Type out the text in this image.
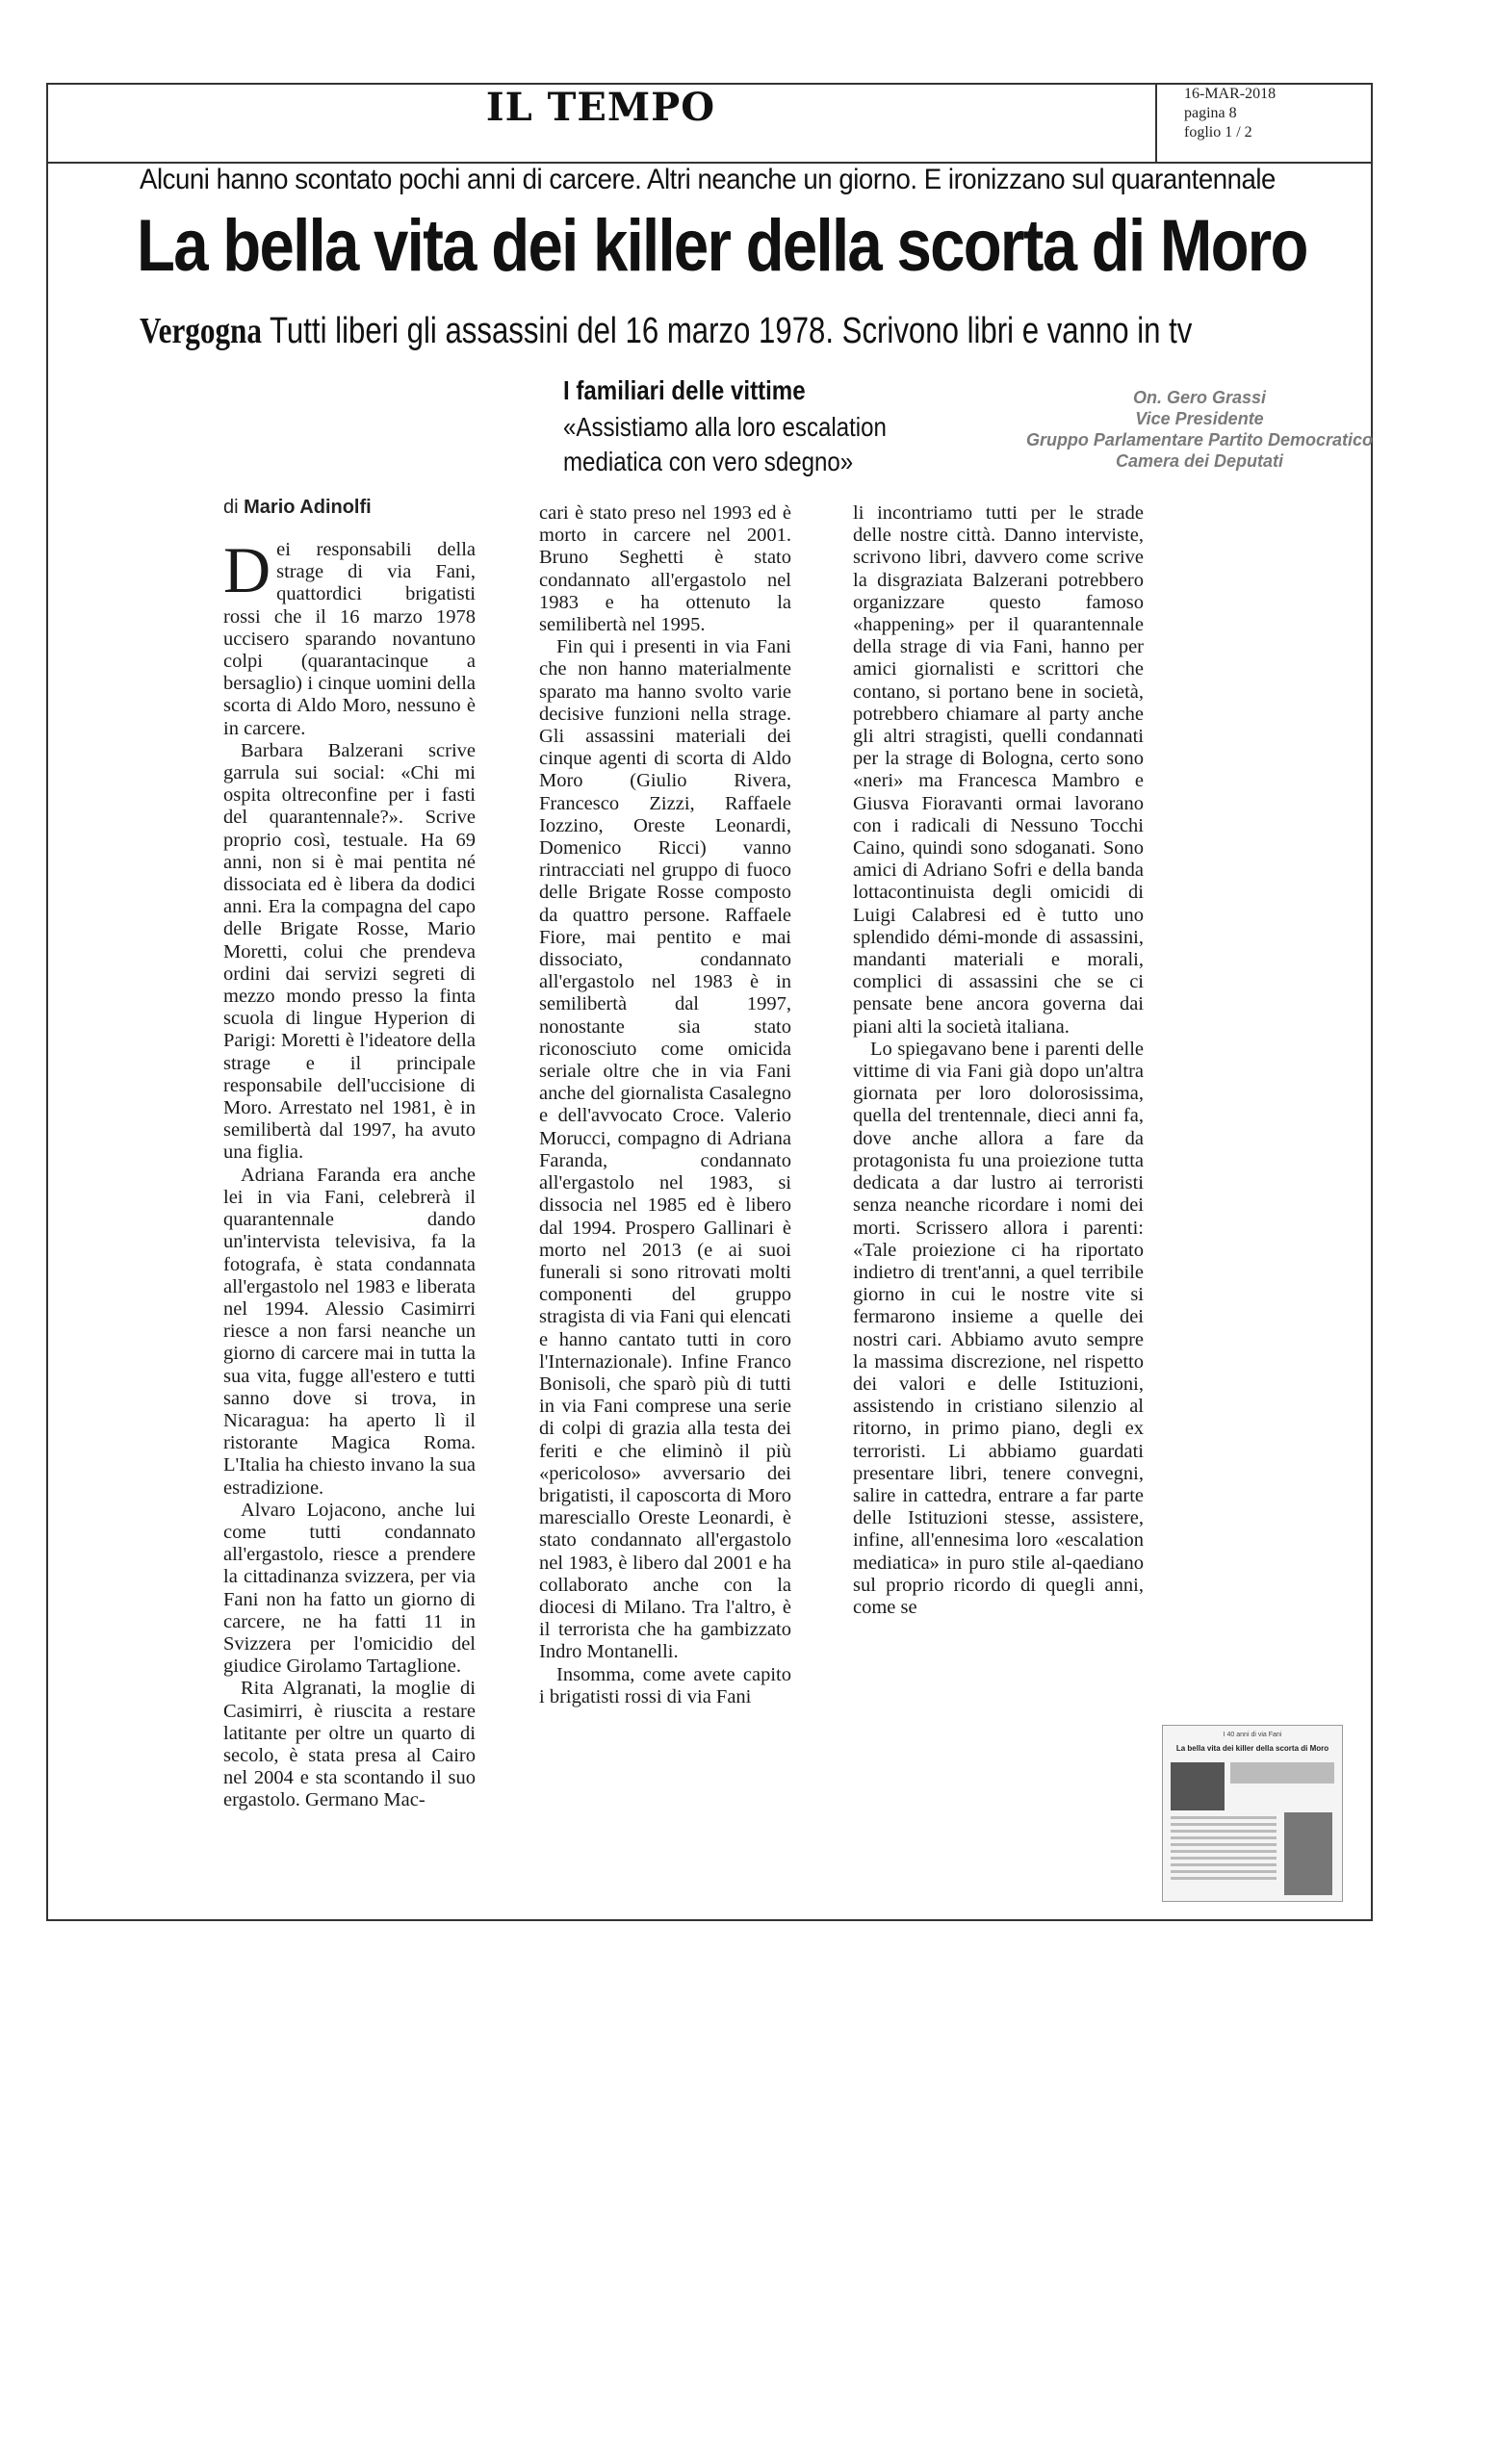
IL TEMPO	16-MAR-2018
pagina 8
foglio 1 / 2
Alcuni hanno scontato pochi anni di carcere. Altri neanche un giorno. E ironizzano sul quarantennale
La bella vita dei killer della scorta di Moro
Vergogna Tutti liberi gli assassini del 16 marzo 1978. Scrivono libri e vanno in tv
I familiari delle vittime
«Assistiamo alla loro escalation mediatica con vero sdegno»
On. Gero Grassi
Vice Presidente
Gruppo Parlamentare Partito Democratico
Camera dei Deputati
di Mario Adinolfi

Dei responsabili della strage di via Fani, quattordici brigatisti rossi che il 16 marzo 1978 uccisero sparando novantuno colpi (quarantacinque a bersaglio) i cinque uomini della scorta di Aldo Moro, nessuno è in carcere.

Barbara Balzerani scrive garrula sui social: «Chi mi ospita oltreconfine per i fasti del quarantennale?». Scrive proprio così, testuale. Ha 69 anni, non si è mai pentita né dissociata ed è libera da dodici anni. Era la compagna del capo delle Brigate Rosse, Mario Moretti, colui che prendeva ordini dai servizi segreti di mezzo mondo presso la finta scuola di lingue Hyperion di Parigi: Moretti è l'ideatore della strage e il principale responsabile dell'uccisione di Moro. Arrestato nel 1981, è in semilibertà dal 1997, ha avuto una figlia.

Adriana Faranda era anche lei in via Fani, celebrerà il quarantennale dando un'intervista televisiva, fa la fotografa, è stata condannata all'ergastolo nel 1983 e liberata nel 1994. Alessio Casimirri riesce a non farsi neanche un giorno di carcere mai in tutta la sua vita, fugge all'estero e tutti sanno dove si trova, in Nicaragua: ha aperto lì il ristorante Magica Roma. L'Italia ha chiesto invano la sua estradizione.

Alvaro Lojacono, anche lui come tutti condannato all'ergastolo, riesce a prendere la cittadinanza svizzera, per via Fani non ha fatto un giorno di carcere, ne ha fatti 11 in Svizzera per l'omicidio del giudice Girolamo Tartaglione.

Rita Algranati, la moglie di Casimirri, è riuscita a restare latitante per oltre un quarto di secolo, è stata presa al Cairo nel 2004 e sta scontando il suo ergastolo. Germano Mac-

cari è stato preso nel 1993 ed è morto in carcere nel 2001. Bruno Seghetti è stato condannato all'ergastolo nel 1983 e ha ottenuto la semilibertà nel 1995.

Fin qui i presenti in via Fani che non hanno materialmente sparato ma hanno svolto varie decisive funzioni nella strage. Gli assassini materiali dei cinque agenti di scorta di Aldo Moro (Giulio Rivera, Francesco Zizzi, Raffaele Iozzino, Oreste Leonardi, Domenico Ricci) vanno rintracciati nel gruppo di fuoco delle Brigate Rosse composto da quattro persone. Raffaele Fiore, mai pentito e mai dissociato, condannato all'ergastolo nel 1983 è in semilibertà dal 1997, nonostante sia stato riconosciuto come omicida seriale oltre che in via Fani anche del giornalista Casalegno e dell'avvocato Croce. Valerio Morucci, compagno di Adriana Faranda, condannato all'ergastolo nel 1983, si dissocia nel 1985 ed è libero dal 1994. Prospero Gallinari è morto nel 2013 (e ai suoi funerali si sono ritrovati molti componenti del gruppo stragista di via Fani qui elencati e hanno cantato tutti in coro l'Internazionale). Infine Franco Bonisoli, che sparò più di tutti in via Fani comprese una serie di colpi di grazia alla testa dei feriti e che eliminò il più «pericoloso» avversario dei brigatisti, il caposcorta di Moro maresciallo Oreste Leonardi, è stato condannato all'ergastolo nel 1983, è libero dal 2001 e ha collaborato anche con la diocesi di Milano. Tra l'altro, è il terrorista che ha gambizzato Indro Montanelli.

Insomma, come avete capito i brigatisti rossi di via Fani

li incontriamo tutti per le strade delle nostre città. Danno interviste, scrivono libri, davvero come scrive la disgraziata Balzerani potrebbero organizzare questo famoso «happening» per il quarantennale della strage di via Fani, hanno per amici giornalisti e scrittori che contano, si portano bene in società, potrebbero chiamare al party anche gli altri stragisti, quelli condannati per la strage di Bologna, certo sono «neri» ma Francesca Mambro e Giusva Fioravanti ormai lavorano con i radicali di Nessuno Tocchi Caino, quindi sono sdoganati. Sono amici di Adriano Sofri e della banda lottacontinuista degli omicidi di Luigi Calabresi ed è tutto uno splendido démi-monde di assassini, mandanti materiali e morali, complici di assassini che se ci pensate bene ancora governa dai piani alti la società italiana.

Lo spiegavano bene i parenti delle vittime di via Fani già dopo un'altra giornata per loro dolorosissima, quella del trentennale, dieci anni fa, dove anche allora a fare da protagonista fu una proiezione tutta dedicata a dar lustro ai terroristi senza neanche ricordare i nomi dei morti. Scrissero allora i parenti: «Tale proiezione ci ha riportato indietro di trent'anni, a quel terribile giorno in cui le nostre vite si fermarono insieme a quelle dei nostri cari. Abbiamo avuto sempre la massima discrezione, nel rispetto dei valori e delle Istituzioni, assistendo in cristiano silenzio al ritorno, in primo piano, degli ex terroristi. Li abbiamo guardati presentare libri, tenere convegni, salire in cattedra, entrare a far parte delle Istituzioni stesse, assistere, infine, all'ennesima loro «escalation mediatica» in puro stile al-qaediano sul proprio ricordo di quegli anni, come se

I 40 anni di via Fani
La bella vita dei killer della scorta di Moro
